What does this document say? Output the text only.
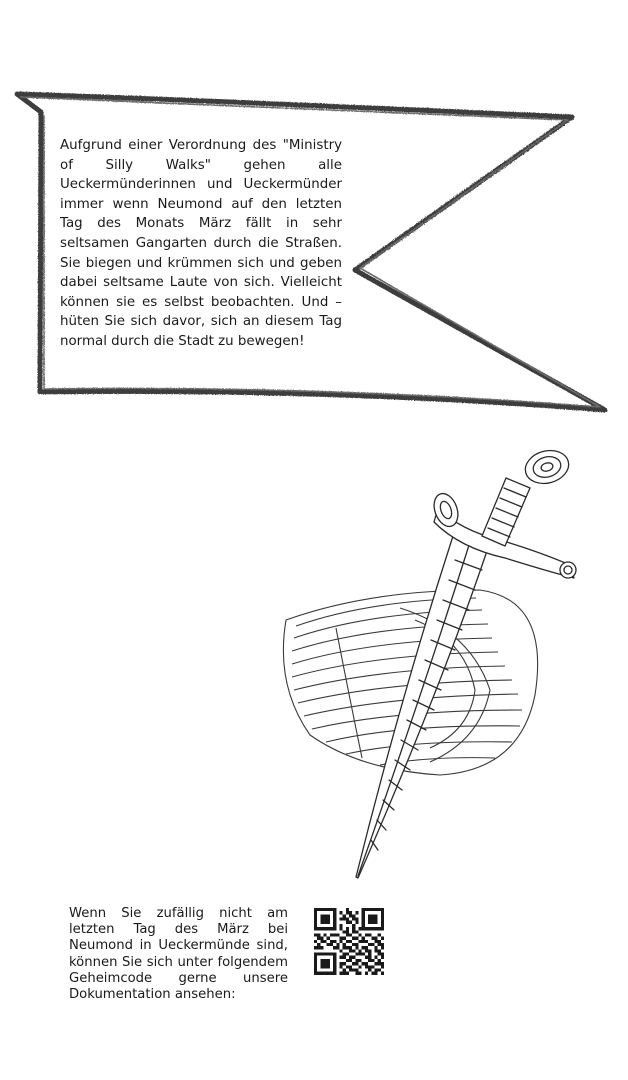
Aufgrund einer Verordnung des "Ministry of Silly Walks" gehen alle Ueckermünderinnen und Ueckermünder immer wenn Neumond auf den letzten Tag des Monats März fällt in sehr seltsamen Gangarten durch die Straßen. Sie biegen und krümmen sich und geben dabei seltsame Laute von sich. Vielleicht können sie es selbst beobachten. Und – hüten Sie sich davor, sich an diesem Tag normal durch die Stadt zu bewegen!

Wenn Sie zufällig nicht am letzten Tag des März bei Neumond in Ueckermünde sind, können Sie sich unter folgendem Geheimcode gerne unsere Dokumentation ansehen:
